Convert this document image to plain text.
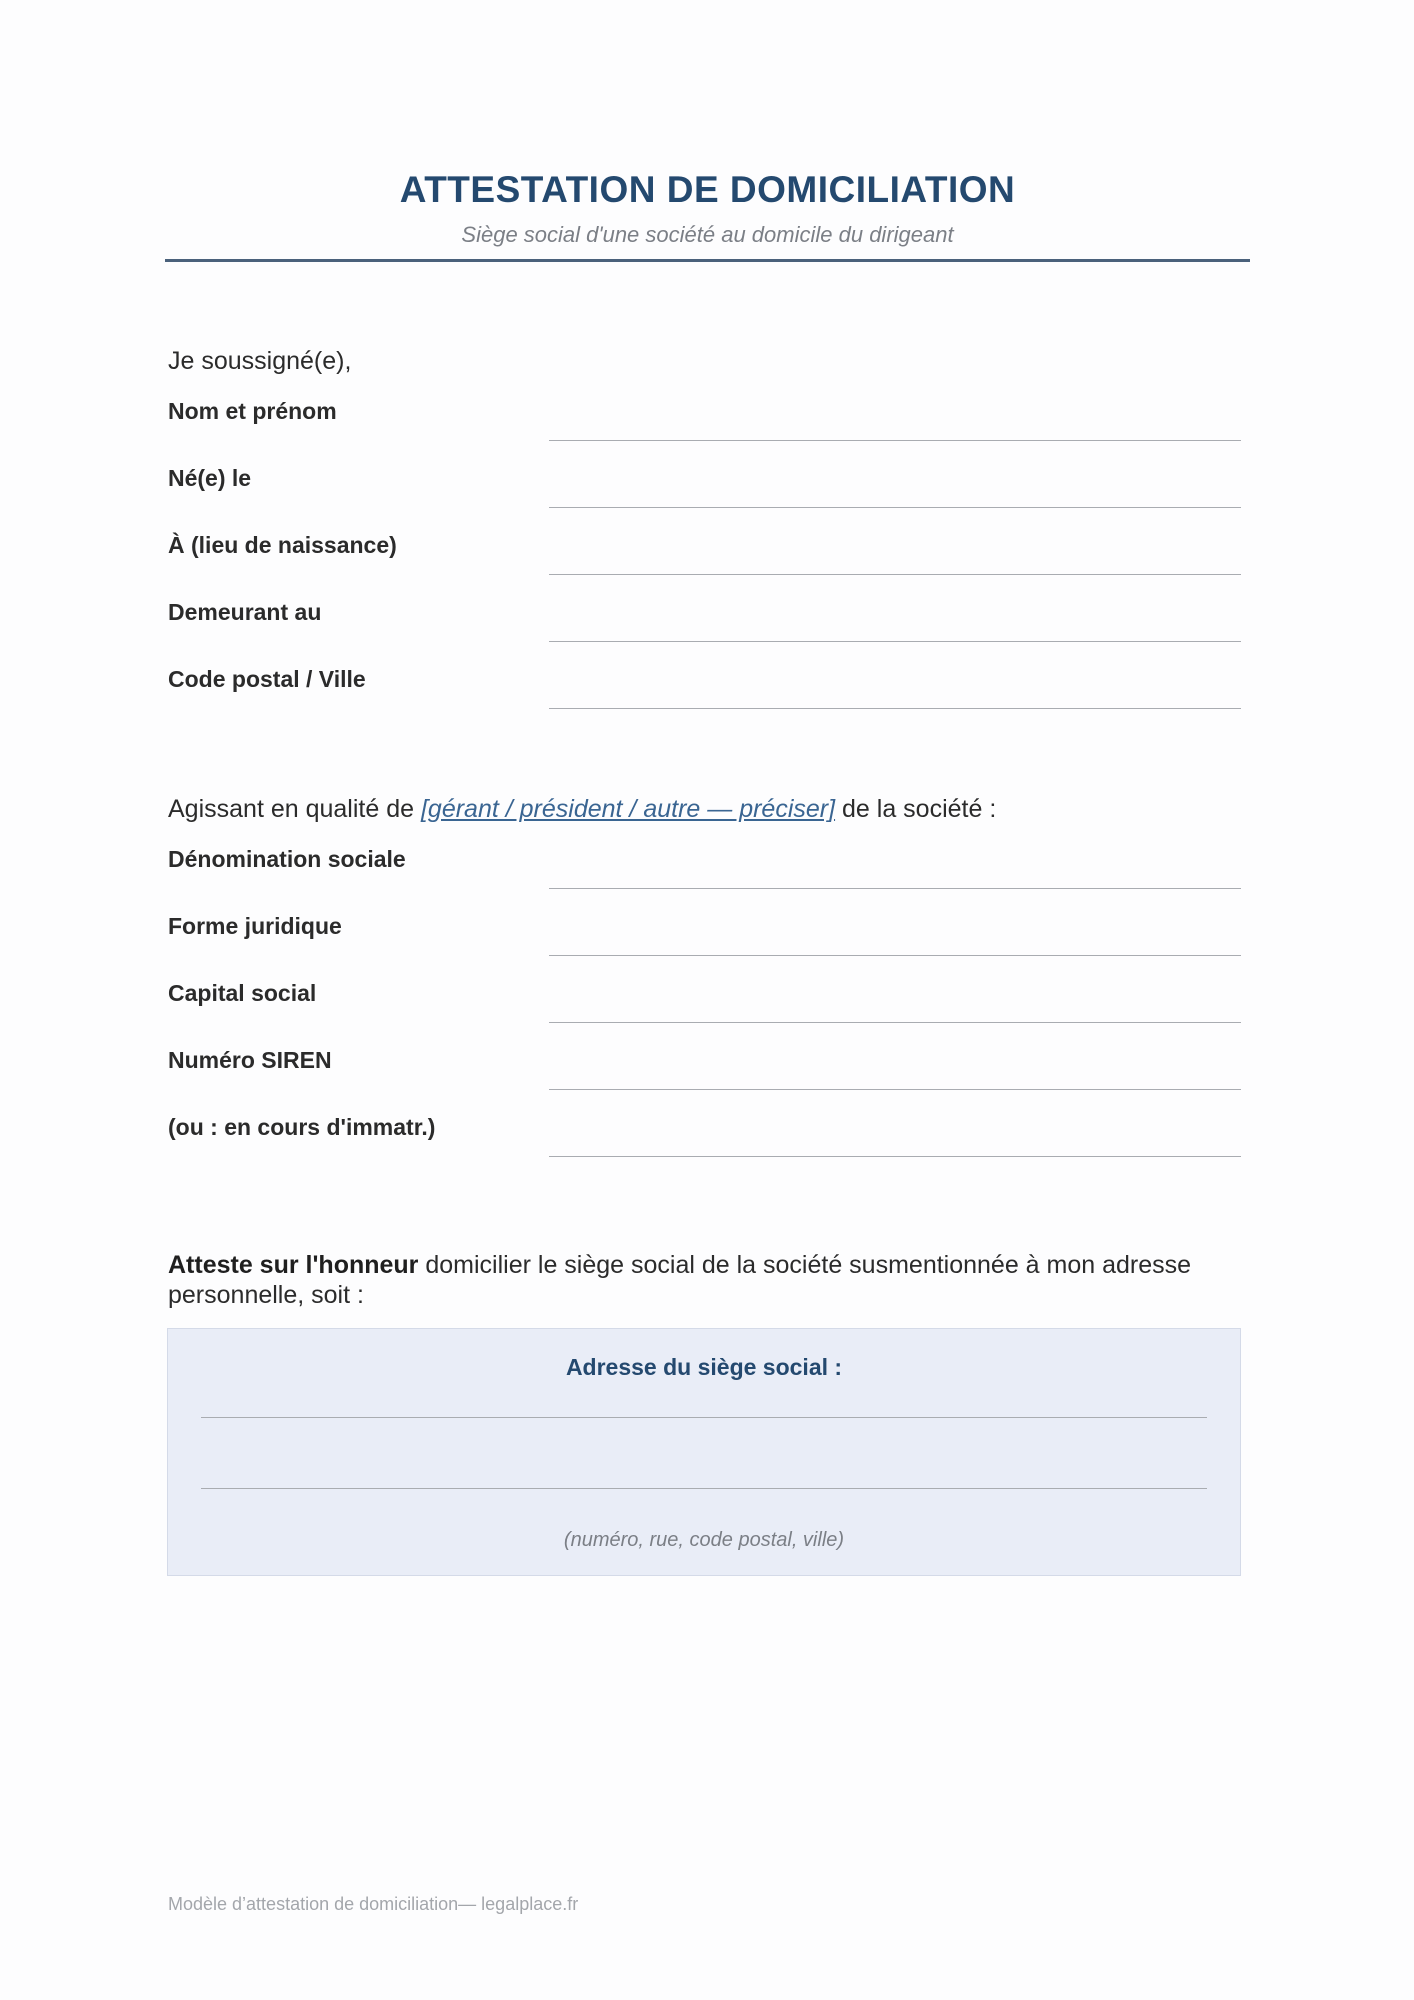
ATTESTATION DE DOMICILIATION
Siège social d'une société au domicile du dirigeant
Je soussigné(e),
Nom et prénom
Né(e) le
À (lieu de naissance)
Demeurant au
Code postal / Ville
Agissant en qualité de [gérant / président / autre — préciser] de la société :
Dénomination sociale
Forme juridique
Capital social
Numéro SIREN
(ou : en cours d'immatr.)
Atteste sur l'honneur domicilier le siège social de la société susmentionnée à mon adresse personnelle, soit :
Adresse du siège social :
(numéro, rue, code postal, ville)
Modèle d’attestation de domiciliation— legalplace.fr
